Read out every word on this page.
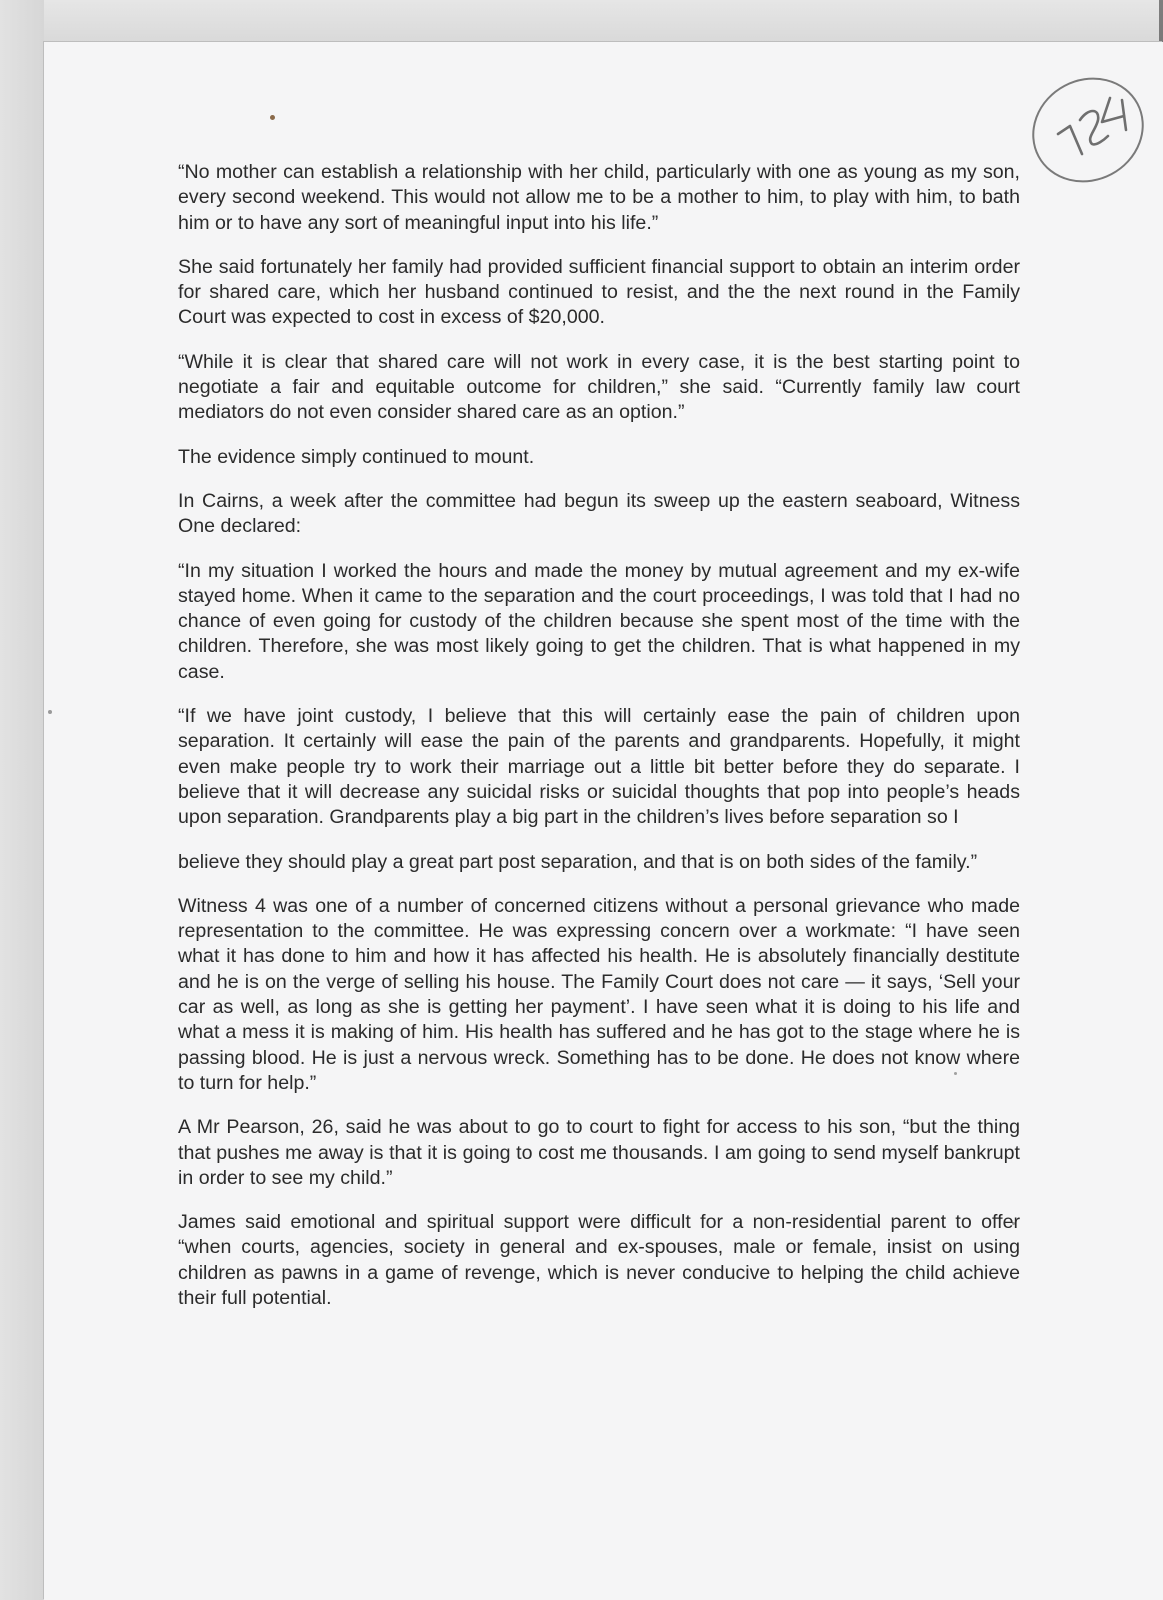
“No mother can establish a relationship with her child, particularly with one as young as my son, every second weekend. This would not allow me to be a mother to him, to play with him, to bath him or to have any sort of meaningful input into his life.”

She said fortunately her family had provided sufficient financial support to obtain an interim order for shared care, which her husband continued to resist, and the the next round in the Family Court was expected to cost in excess of $20,000.

“While it is clear that shared care will not work in every case, it is the best starting point to negotiate a fair and equitable outcome for children,” she said. “Currently family law court mediators do not even consider shared care as an option.”

The evidence simply continued to mount.

In Cairns, a week after the committee had begun its sweep up the eastern seaboard, Witness One declared:

“In my situation I worked the hours and made the money by mutual agreement and my ex-wife stayed home. When it came to the separation and the court proceedings, I was told that I had no chance of even going for custody of the children because she spent most of the time with the children. Therefore, she was most likely going to get the children. That is what happened in my case.

“If we have joint custody, I believe that this will certainly ease the pain of children upon separation. It certainly will ease the pain of the parents and grandparents. Hopefully, it might even make people try to work their marriage out a little bit better before they do separate. I believe that it will decrease any suicidal risks or suicidal thoughts that pop into people’s heads upon separation. Grandparents play a big part in the children’s lives before separation so I

believe they should play a great part post separation, and that is on both sides of the family.”

Witness 4 was one of a number of concerned citizens without a personal grievance who made representation to the committee. He was expressing concern over a workmate: “I have seen what it has done to him and how it has affected his health. He is absolutely financially destitute and he is on the verge of selling his house. The Family Court does not care — it says, ‘Sell your car as well, as long as she is getting her payment’. I have seen what it is doing to his life and what a mess it is making of him. His health has suffered and he has got to the stage where he is passing blood. He is just a nervous wreck. Something has to be done. He does not know where to turn for help.”

A Mr Pearson, 26, said he was about to go to court to fight for access to his son, “but the thing that pushes me away is that it is going to cost me thousands. I am going to send myself bankrupt in order to see my child.”

James said emotional and spiritual support were difficult for a non-residential parent to offer “when courts, agencies, society in general and ex-spouses, male or female, insist on using children as pawns in a game of revenge, which is never conducive to helping the child achieve their full potential.
